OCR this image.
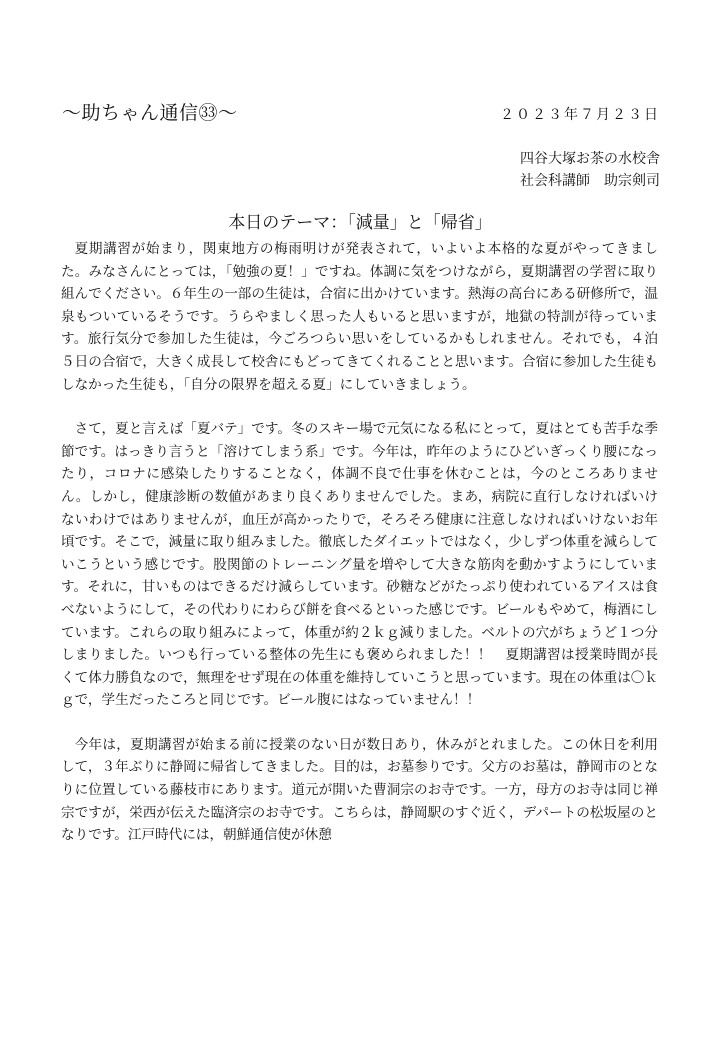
〜助ちゃん通信㉝〜	２０２３年７月２３日
四谷大塚お茶の水校舎
社会科講師　助宗剣司
本日のテーマ：「減量」と「帰省」

夏期講習が始まり，関東地方の梅雨明けが発表されて，いよいよ本格的な夏がやってきました。みなさんにとっては，「勉強の夏！」ですね。体調に気をつけながら，夏期講習の学習に取り組んでください。６年生の一部の生徒は，合宿に出かけています。熱海の高台にある研修所で，温泉もついているそうです。うらやましく思った人もいると思いますが，地獄の特訓が待っています。旅行気分で参加した生徒は，今ごろつらい思いをしているかもしれません。それでも，４泊５日の合宿で，大きく成長して校舎にもどってきてくれることと思います。合宿に参加した生徒もしなかった生徒も，「自分の限界を超える夏」にしていきましょう。

さて，夏と言えば「夏バテ」です。冬のスキー場で元気になる私にとって，夏はとても苦手な季節です。はっきり言うと「溶けてしまう系」です。今年は，昨年のようにひどいぎっくり腰になったり，コロナに感染したりすることなく，体調不良で仕事を休むことは，今のところありません。しかし，健康診断の数値があまり良くありませんでした。まあ，病院に直行しなければいけないわけではありませんが，血圧が高かったりで，そろそろ健康に注意しなければいけないお年頃です。そこで，減量に取り組みました。徹底したダイエットではなく，少しずつ体重を減らしていこうという感じです。股関節のトレーニング量を増やして大きな筋肉を動かすようにしています。それに，甘いものはできるだけ減らしています。砂糖などがたっぷり使われているアイスは食べないようにして，その代わりにわらび餅を食べるといった感じです。ビールもやめて，梅酒にしています。これらの取り組みによって，体重が約２ｋｇ減りました。ベルトの穴がちょうど１つ分しまりました。いつも行っている整体の先生にも褒められました！！　夏期講習は授業時間が長くて体力勝負なので，無理をせず現在の体重を維持していこうと思っています。現在の体重は〇ｋｇで，学生だったころと同じです。ビール腹にはなっていません！！

今年は，夏期講習が始まる前に授業のない日が数日あり，休みがとれました。この休日を利用して，３年ぶりに静岡に帰省してきました。目的は，お墓参りです。父方のお墓は，静岡市のとなりに位置している藤枝市にあります。道元が開いた曹洞宗のお寺です。一方，母方のお寺は同じ禅宗ですが，栄西が伝えた臨済宗のお寺です。こちらは，静岡駅のすぐ近く，デパートの松坂屋のとなりです。江戸時代には，朝鮮通信使が休憩
